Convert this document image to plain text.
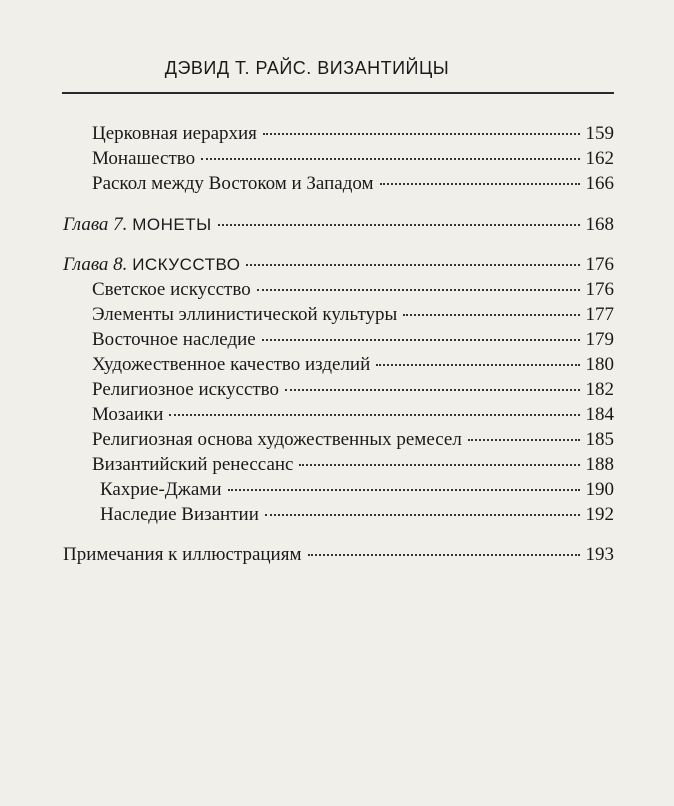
ДЭВИД Т. РАЙС. ВИЗАНТИЙЦЫ
Церковная иерархия	159
Монашество	162
Раскол между Востоком и Западом	166
Глава 7. МОНЕТЫ	168
Глава 8. ИСКУССТВО	176
Светское искусство	176
Элементы эллинистической культуры	177
Восточное наследие	179
Художественное качество изделий	180
Религиозное искусство	182
Мозаики	184
Религиозная основа художественных ремесел	185
Византийский ренессанс	188
Кахрие-Джами	190
Наследие Византии	192
Примечания к иллюстрациям	193
